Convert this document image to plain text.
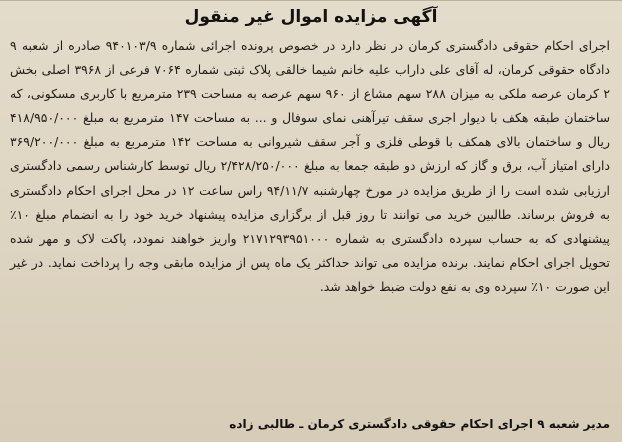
آگهی مزایده اموال غیر منقول

اجرای احکام حقوقی دادگستری کرمان در نظر دارد در خصوص پرونده اجرائی شماره ۹۴۰۱۰۳/۹ صادره از شعبه ۹ دادگاه حقوقی کرمان، له آقای علی داراب علیه خانم شیما خالقی پلاک ثبتی شماره ۷۰۶۴ فرعی از ۳۹۶۸ اصلی بخش ۲ کرمان عرصه ملکی به میزان ۲۸۸ سهم مشاع از ۹۶۰ سهم عرصه به مساحت ۲۳۹ مترمربع با کاربری مسکونی، که ساختمان طبقه هکف با دیوار اجری سقف تیرآهنی نمای سوفال و ... به مساحت ۱۴۷ مترمربع به مبلغ ۴۱۸/۹۵۰/۰۰۰ ریال و ساختمان بالای همکف با قوطی فلزی و آجر سقف شیروانی به مساحت ۱۴۲ مترمربع به مبلغ ۳۶۹/۲۰۰/۰۰۰ دارای امتیاز آب، برق و گاز که ارزش دو طبقه جمعا به مبلغ ۲/۴۲۸/۲۵۰/۰۰۰ ریال توسط کارشناس رسمی دادگستری ارزیابی شده است را از طریق مزایده در مورخ چهارشنبه ۹۴/۱۱/۷ راس ساعت ۱۲ در محل اجرای احکام دادگستری به فروش برساند. طالبین خرید می توانند تا روز قبل از برگزاری مزایده پیشنهاد خرید خود را به انضمام مبلغ ۱۰٪ پیشنهادی که به حساب سپرده دادگستری به شماره ۲۱۷۱۲۹۳۹۵۱۰۰۰ واریز خواهند نمودد، پاکت لاک و مهر شده تحویل اجرای احکام نمایند. برنده مزایده می تواند حداکثر یک ماه پس از مزایده مابقی وجه را پرداخت نماید. در غیر این صورت ۱۰٪ سپرده وی به نفع دولت ضبط خواهد شد.

مدیر شعبه ۹ اجرای احکام حقوقی دادگستری کرمان ـ طالبی زاده
